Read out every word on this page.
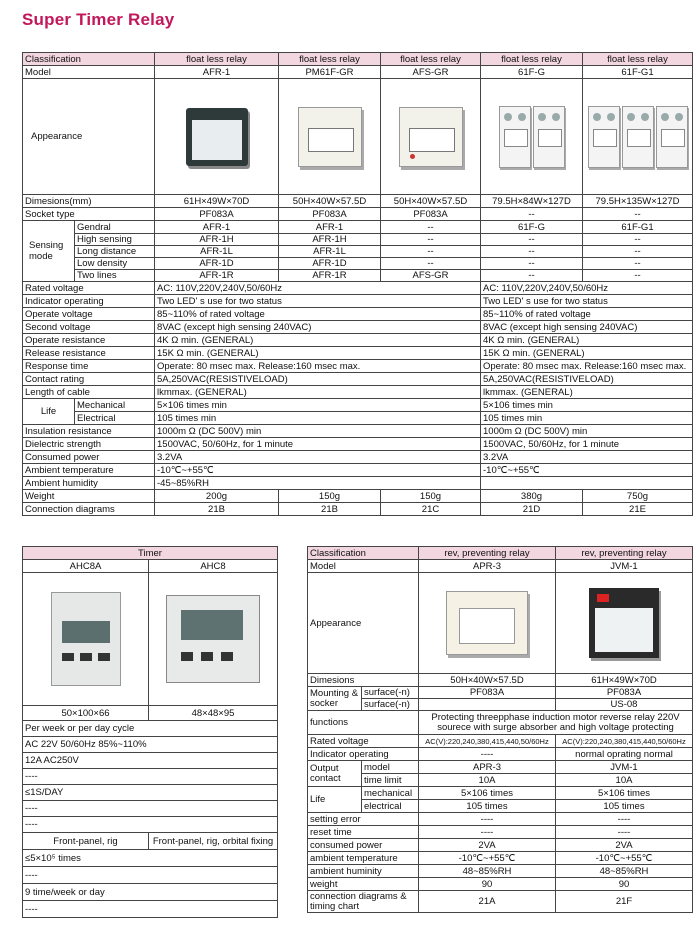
Super Timer Relay
Classification		float less relay	float less relay	float less relay	float less relay	float less relay
Model		AFR-1	PM61F-GR	AFS-GR	61F-G	61F-G1
Appearance		

Dimesions(mm)		61H×49W×70D	50H×40W×57.5D	50H×40W×57.5D	79.5H×84W×127D	79.5H×135W×127D
Socket type		PF083A	PF083A	PF083A	--	--
Sensing mode	Gendral	AFR-1	AFR-1	--	61F-G	61F-G1
	High sensing	AFR-1H	AFR-1H	--	--	--
	Long distance	AFR-1L	AFR-1L	--	--	--
	Low density	AFR-1D	AFR-1D	--	--	--
	Two lines	AFR-1R	AFR-1R	AFS-GR	--	--
Rated voltage		AC: 110V,220V,240V,50/60Hz			AC: 110V,220V,240V,50/60Hz	
Indicator operating		Two LED' s use for two status			Two LED' s use for two status	
Operate voltage		85~110% of rated voltage			85~110% of rated voltage	
Second voltage		8VAC (except high sensing 240VAC)			8VAC (except high sensing 240VAC)	
Operate resistance		4K Ω min. (GENERAL)			4K Ω min. (GENERAL)	
Release resistance		15K Ω min. (GENERAL)			15K Ω min. (GENERAL)	
Response time		Operate: 80 msec max. Release:160 msec max.			Operate: 80 msec max. Release:160 msec max.	
Contact rating		5A,250VAC(RESISTIVELOAD)			5A,250VAC(RESISTIVELOAD)	
Length of cable		lkmmax. (GENERAL)			lkmmax. (GENERAL)	
Life	Mechanical	5×106 times min			5×106 times min	
	Electrical	105 times min			105 times min	
Insulation resistance		1000m Ω (DC 500V) min			1000m Ω (DC 500V) min	
Dielectric strength		1500VAC, 50/60Hz, for 1 minute			1500VAC, 50/60Hz, for 1 minute	
Consumed power		3.2VA			3.2VA	
Ambient temperature		-10℃~+55℃			-10℃~+55℃	
Ambient humidity		-45~85%RH				
Weight		200g	150g	150g	380g	750g
Connection diagrams		21B	21B	21C	21D	21E
Timer	
AHC8A	AHC8

50×100×66	48×48×95
Per week or per day cycle	
AC 22V 50/60Hz 85%~110%	
12A AC250V	
----	
≤1S/DAY	
----	
----	
Front-panel, rig	Front-panel, rig, orbital fixing
≤5×10⁵ times	
----	
9 time/week or day	
----	
Classification		rev, preventing relay	rev, preventing relay
Model		APR-3	JVM-1
Appearance		

Dimesions		50H×40W×57.5D	61H×49W×70D
Mounting & socker	surface(-n)	PF083A	PF083A
	surface(-n)		US-08
functions		Protecting threepphase induction motor reverse relay 220V
sourece with surge absorber and high voltage protecting	

Rated voltage		AC(V):220,240,380,415,440,50/60Hz	AC(V):220,240,380,415,440,50/60Hz
Indicator operating		----	normal oprating normal
Output contact	model	APR-3	JVM-1
	time limit	10A	10A
Life	mechanical	5×106 times	5×106 times
	electrical	105 times	105 times
setting error		----	----
reset time		----	----
consumed power		2VA	2VA
ambient temperature		-10℃~+55℃	-10℃~+55℃
ambient huminity		48~85%RH	48~85%RH
weight		90	90
connection diagrams & timing chart		21A	21F
